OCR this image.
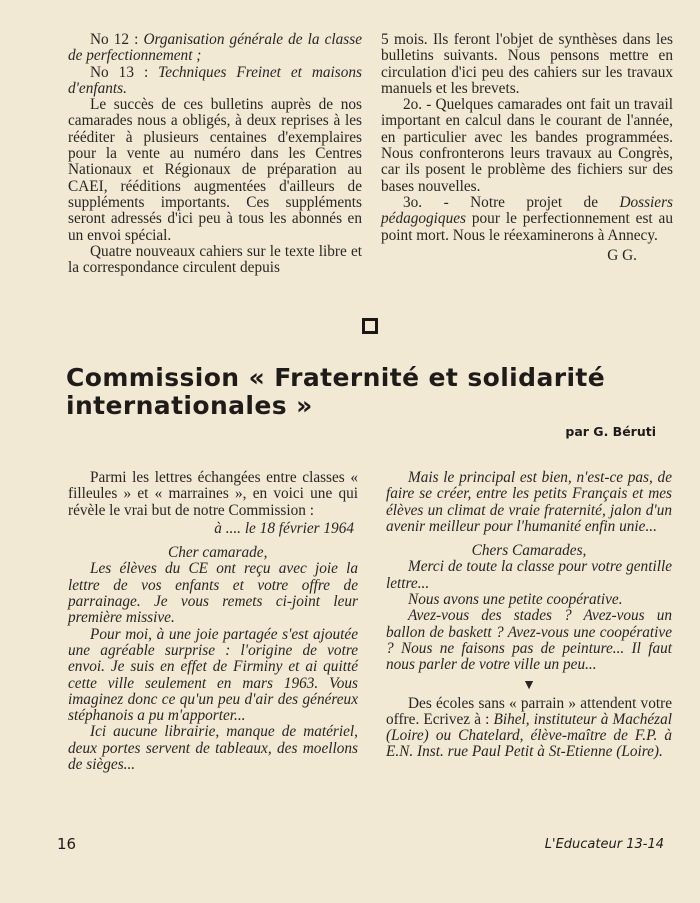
No 12 : Organisation générale de la classe de perfectionnement ;

No 13 : Techniques Freinet et maisons d'enfants.

Le succès de ces bulletins auprès de nos camarades nous a obligés, à deux reprises à les rééditer à plusieurs centaines d'exemplaires pour la vente au numéro dans les Centres Nationaux et Régionaux de préparation au CAEI, rééditions augmentées d'ailleurs de suppléments importants. Ces suppléments seront adressés d'ici peu à tous les abonnés en un envoi spécial.

Quatre nouveaux cahiers sur le texte libre et la correspondance circulent depuis

5 mois. Ils feront l'objet de synthèses dans les bulletins suivants. Nous pensons mettre en circulation d'ici peu des cahiers sur les travaux manuels et les brevets.

2o. - Quelques camarades ont fait un travail important en calcul dans le courant de l'année, en particulier avec les bandes programmées. Nous confronterons leurs travaux au Congrès, car ils posent le problème des fichiers sur des bases nouvelles.

3o. - Notre projet de Dossiers pédagogiques pour le perfectionnement est au point mort. Nous le réexaminerons à Annecy.

G G.

Commission « Fraternité et solidarité internationales »

par G. Béruti

Parmi les lettres échangées entre classes « filleules » et « marraines », en voici une qui révèle le vrai but de notre Commission :

à .... le 18 février 1964

Cher camarade,

Les élèves du CE ont reçu avec joie la lettre de vos enfants et votre offre de parrainage. Je vous remets ci-joint leur première missive.

Pour moi, à une joie partagée s'est ajoutée une agréable surprise : l'origine de votre envoi. Je suis en effet de Firminy et ai quitté cette ville seulement en mars 1963. Vous imaginez donc ce qu'un peu d'air des généreux stéphanois a pu m'apporter...

Ici aucune librairie, manque de matériel, deux portes servent de tableaux, des moellons de sièges...

Mais le principal est bien, n'est-ce pas, de faire se créer, entre les petits Français et mes élèves un climat de vraie fraternité, jalon d'un avenir meilleur pour l'humanité enfin unie...

Chers Camarades,

Merci de toute la classe pour votre gentille lettre...

Nous avons une petite coopérative.

Avez-vous des stades ? Avez-vous un ballon de baskett ? Avez-vous une coopérative ? Nous ne faisons pas de peinture... Il faut nous parler de votre ville un peu...

▼

Des écoles sans « parrain » attendent votre offre. Ecrivez à : Bihel, instituteur à Machézal (Loire) ou Chatelard, élève-maître de F.P. à E.N. Inst. rue Paul Petit à St-Etienne (Loire).

16	L'Educateur 13-14
